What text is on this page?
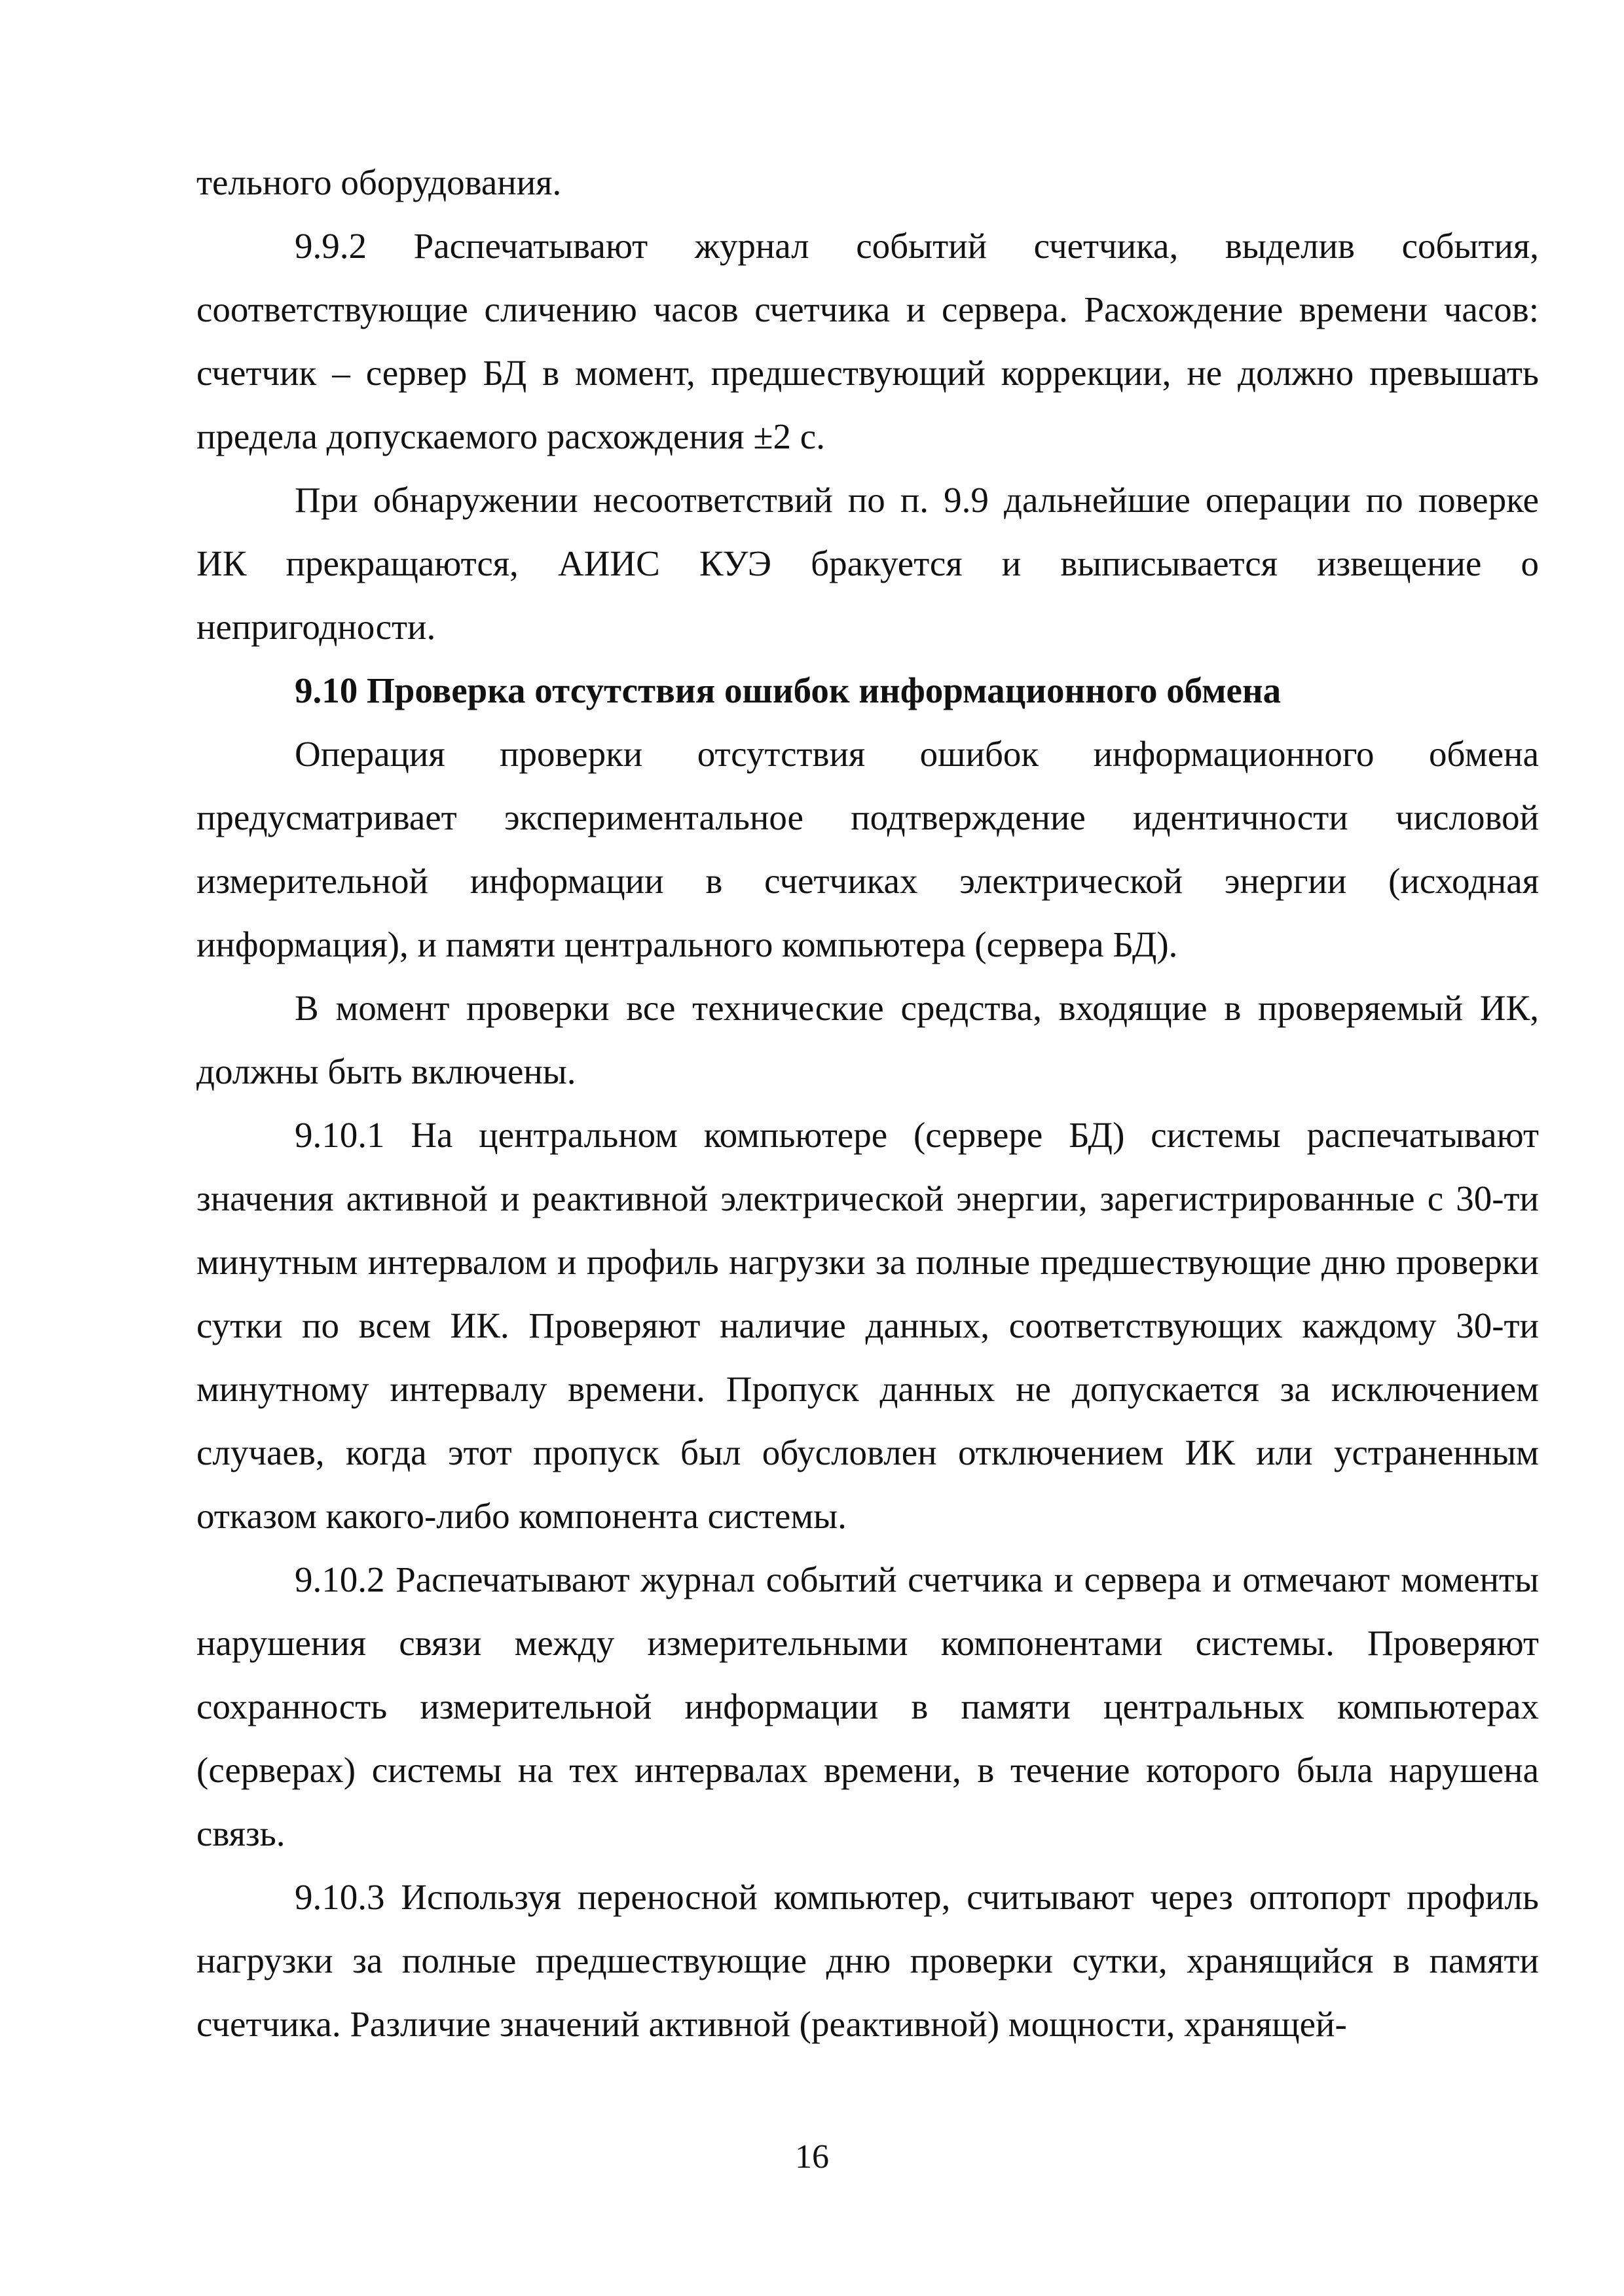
тельного оборудования.

9.9.2 Распечатывают журнал событий счетчика, выделив события, соответствующие сличению часов счетчика и сервера. Расхождение времени часов: счетчик – сервер БД в момент, предшествующий коррекции, не должно превышать предела допускаемого расхождения ±2 с.

При обнаружении несоответствий по п. 9.9 дальнейшие операции по поверке ИК прекращаются, АИИС КУЭ бракуется и выписывается извещение о непригодности.

9.10 Проверка отсутствия ошибок информационного обмена

Операция проверки отсутствия ошибок информационного обмена предусматривает экспериментальное подтверждение идентичности числовой измерительной информации в счетчиках электрической энергии (исходная информация), и памяти центрального компьютера (сервера БД).

В момент проверки все технические средства, входящие в проверяемый ИК, должны быть включены.

9.10.1 На центральном компьютере (сервере БД) системы распечатывают значения активной и реактивной электрической энергии, зарегистрированные с 30-ти минутным интервалом и профиль нагрузки за полные предшествующие дню проверки сутки по всем ИК. Проверяют наличие данных, соответствующих каждому 30-ти минутному интервалу времени. Пропуск данных не допускается за исключением случаев, когда этот пропуск был обусловлен отключением ИК или устраненным отказом какого-либо компонента системы.

9.10.2 Распечатывают журнал событий счетчика и сервера и отмечают моменты нарушения связи между измерительными компонентами системы. Проверяют сохранность измерительной информации в памяти центральных компьютерах (серверах) системы на тех интервалах времени, в течение которого была нарушена связь.

9.10.3 Используя переносной компьютер, считывают через оптопорт профиль нагрузки за полные предшествующие дню проверки сутки, хранящийся в памяти счетчика. Различие значений активной (реактивной) мощности, хранящей-

16
